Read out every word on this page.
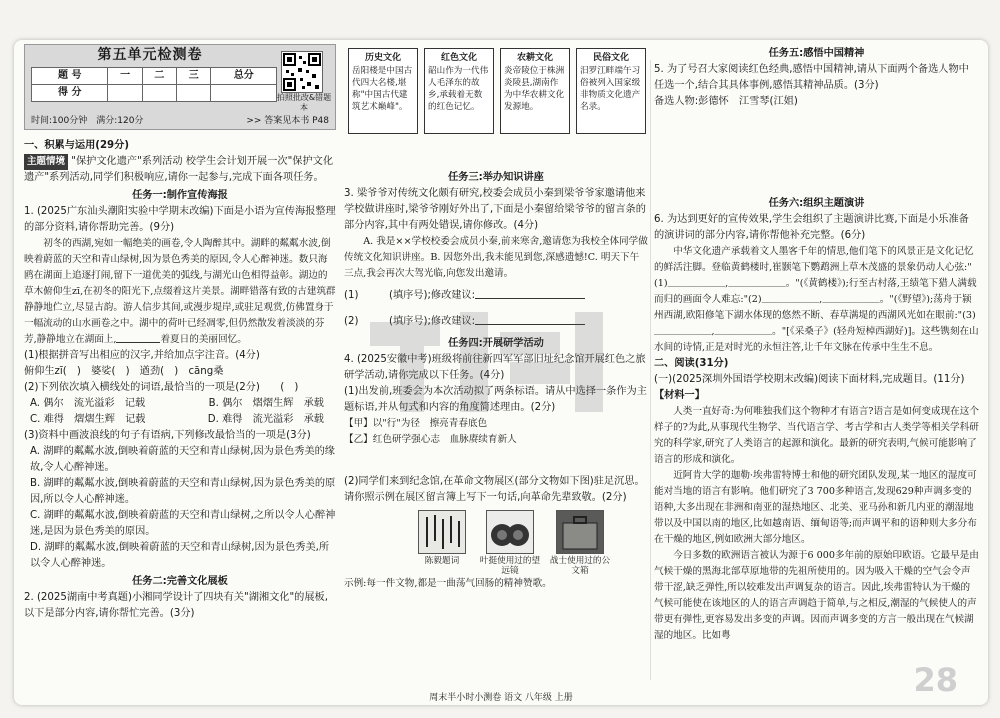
第五单元检测卷
题 号	一	二	三	总分
得 分					拍照批改&错题本
时间:100分钟　满分:120分	>> 答案见本书 P48

一、积累与运用(29分)

主题情境 "保护文化遗产"系列活动 校学生会计划开展一次"保护文化遗产"系列活动,同学们积极响应,请你一起参与,完成下面各项任务。

任务一:制作宣传海报

1. (2025广东汕头潮阳实验中学期末改编)下面是小语为宣传海报整理的部分资料,请你帮助完善。(9分)

初冬的西湖,宛如一幅绝美的画卷,令人陶醉其中。湖畔的粼粼水波,倒映着蔚蓝的天空和青山绿树,因为景色秀美的原因,令人心醉神迷。数只海鸥在湖面上追逐打闹,留下一道优美的弧线,与湖光山色相得益彰。湖边的草木俯仰生zī,在初冬的阳光下,点缀着这片美景。湖畔错落有致的古建筑群静静地伫立,尽显古韵。游人信步其间,或漫步堤岸,或驻足观赏,仿佛置身于一幅流动的山水画卷之中。湖中的荷叶已经凋零,但仍然散发着淡淡的芬芳,静静地立在湖面上,	着夏日的美丽回忆。

(1)根据拼音写出相应的汉字,并给加点字注音。(4分)

俯仰生zī(　)　婆娑(　)　遒劲(　)　cāng桑

(2)下列依次填入横线处的词语,最恰当的一项是(2分)　　(　)

A. 偶尔　流光溢彩　记载	B. 偶尔　熠熠生辉　承载

C. 难得　熠熠生辉　记载	D. 难得　流光溢彩　承载

(3)资料中画波浪线的句子有语病,下列修改最恰当的一项是(3分)

A. 湖畔的粼粼水波,倒映着蔚蓝的天空和青山绿树,因为景色秀美的缘故,令人心醉神迷。

B. 湖畔的粼粼水波,倒映着蔚蓝的天空和青山绿树,因为景色秀美的原因,所以令人心醉神迷。

C. 湖畔的粼粼水波,倒映着蔚蓝的天空和青山绿树,之所以令人心醉神迷,是因为景色秀美的原因。

D. 湖畔的粼粼水波,倒映着蔚蓝的天空和青山绿树,因为景色秀美,所以令人心醉神迷。

任务二:完善文化展板

2. (2025湖南中考真题)小湘同学设计了四块有关"湖湘文化"的展板,以下是部分内容,请你帮忙完善。(3分)

历史文化
岳阳楼是中国古代四大名楼,堪称"中国古代建筑艺术巅峰"。
红色文化
韶山作为一代伟人毛泽东的故乡,承载着无数的红色记忆。
农耕文化
炎帝陵位于株洲炎陵县,湖南作为中华农耕文化发源地。
民俗文化
汨罗江畔端午习俗被列入国家级非物质文化遗产名录。

任务三:举办知识讲座

3. 梁爷爷对传统文化颇有研究,校委会成员小秦到梁爷爷家邀请他来学校做讲座时,梁爷爷刚好外出了,下面是小秦留给梁爷爷的留言条的部分内容,其中有两处错误,请你修改。(4分)

A. 我是××学校校委会成员小秦,前来寒舍,邀请您为我校全体同学做传统文化知识讲座。B. 因您外出,我未能见到您,深感遗憾!C. 明天下午三点,我会再次大驾光临,向您发出邀请。

(1)　　　(填序号);修改建议:

(2)　　　(填序号);修改建议:

任务四:开展研学活动

4. (2025安徽中考)班级将前往新四军军部旧址纪念馆开展红色之旅研学活动,请你完成以下任务。(4分)

(1)出发前,班委会为本次活动拟了两条标语。请从中选择一条作为主题标语,并从句式和内容的角度简述理由。(2分)

【甲】以"行"为径　擦亮青春底色

【乙】红色研学强心志　血脉赓续育新人

(2)同学们来到纪念馆,在革命文物展区(部分文物如下图)驻足沉思。请你照示例在展区留言簿上写下一句话,向革命先辈致敬。(2分)

陈毅题词	叶挺使用过的望远镜
战士使用过的公文箱

示例:每一件文物,都是一曲荡气回肠的精神赞歌。

任务五:感悟中国精神

5. 为了号召大家阅读红色经典,感悟中国精神,请从下面两个备选人物中任选一个,结合其具体事例,感悟其精神品质。(3分)

备选人物:彭德怀　江雪琴(江姐)

任务六:组织主题演讲

6. 为达到更好的宣传效果,学生会组织了主题演讲比赛,下面是小乐准备的演讲词的部分内容,请你帮他补充完整。(6分)

中华文化遗产承载着文人墨客千年的情思,他们笔下的风景正是文化记忆的鲜活注脚。登临黄鹤楼时,崔颢笔下鹦鹉洲上草木茂盛的景象仍动人心弦:"(1)＿＿＿＿＿＿,＿＿＿＿＿＿。"(《黄鹤楼》);行至古村落,王绩笔下猎人满载而归的画面令人难忘:"(2)＿＿＿＿＿＿,＿＿＿＿＿＿。"(《野望》);荡舟于颍州西湖,欧阳修笔下湖水体现的悠然不断、春草满堤的西湖风光如在眼前:"(3)＿＿＿＿＿＿,＿＿＿＿＿＿。"[《采桑子》(轻舟短棹西湖好)]。这些镌刻在山水间的诗情,正是对时光的永恒注答,让千年文脉在传承中生生不息。

二、阅读(31分)

(一)(2025深圳外国语学校期末改编)阅读下面材料,完成题目。(11分)

【材料一】

人类一直好奇:为何唯独我们这个物种才有语言?语言是如何变成现在这个样子的?为此,从事现代生物学、当代语言学、考古学和古人类学等相关学科研究的科学家,研究了人类语言的起源和演化。最新的研究表明,气候可能影响了语言的形成和演化。

近阿肯大学的迦勒·埃弗雷特博士和他的研究团队发现,某一地区的湿度可能对当地的语言有影响。他们研究了3 700多种语言,发现629种声调多变的语种,大多出现在非洲和南亚的湿热地区、北美、亚马孙和新几内亚的潮湿地带以及中国以南的地区,比如越南语、缅甸语等;而声调平和的语种则大多分布在干燥的地区,例如欧洲大部分地区。

今日多数的欧洲语言被认为源于6 000多年前的原始印欧语。它最早是由气候干燥的黑海北部草原地带的先祖所使用的。因为吸入干燥的空气会令声带干涩,缺乏弹性,所以较难发出声调复杂的语言。因此,埃弗雷特认为干燥的气候可能使在该地区的人的语言声调趋于简单,与之相反,潮湿的气候使人的声带更有弹性,更容易发出多变的声调。因而声调多变的方言一般出现在气候湖湿的地区。比如粤

28
周末半小时小测卷 语文 八年级 上册
